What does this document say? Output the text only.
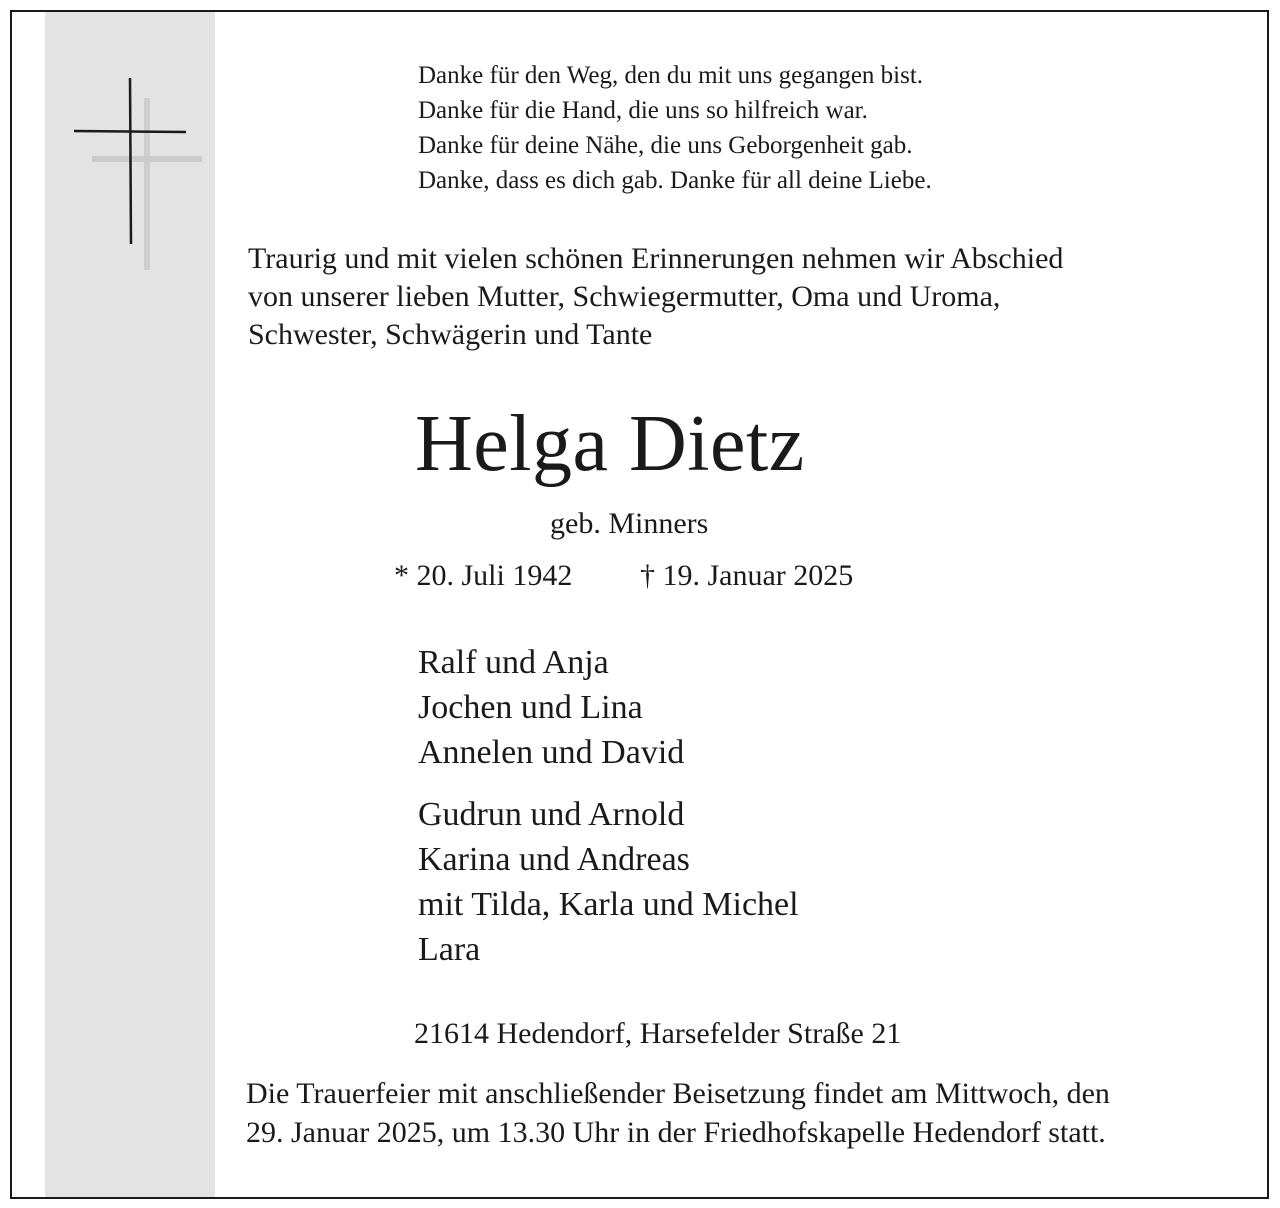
Danke für den Weg, den du mit uns gegangen bist.
Danke für die Hand, die uns so hilfreich war.
Danke für deine Nähe, die uns Geborgenheit gab.
Danke, dass es dich gab. Danke für all deine Liebe.
Traurig und mit vielen schönen Erinnerungen nehmen wir Abschied
von unserer lieben Mutter, Schwiegermutter, Oma und Uroma,
Schwester, Schwägerin und Tante
Helga Dietz
geb. Minners
* 20. Juli 1942 † 19. Januar 2025
Ralf und Anja
Jochen und Lina
Annelen und David
Gudrun und Arnold
Karina und Andreas
mit Tilda, Karla und Michel
Lara
21614 Hedendorf, Harsefelder Straße 21
Die Trauerfeier mit anschließender Beisetzung findet am Mittwoch, den
29. Januar 2025, um 13.30 Uhr in der Friedhofskapelle Hedendorf statt.
